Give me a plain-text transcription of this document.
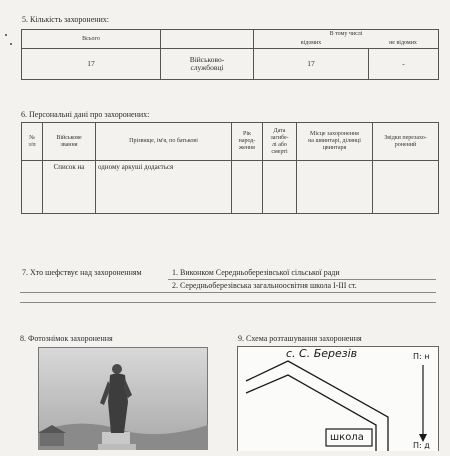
5. Кількість захоронених:
Всього		В тому числі
відомих не відомих	

17	Військово-
службовці	17	-
6. Персональні дані про захоронених:
№
з/п	Військове
звання	Прізвище, ім'я, по батькові	Рік
народ-
ження	Дата
загибе-
лі або
смерті	Місце захоронення
на швинтарі, ділянці
цвинтаря	Звідки перезахо-
ронений

	Список на	одному аркуші додається				

7. Хто шефствує над захороненням	1. Виконком Середньоберезівської сільської ради
2. Середньоберезівська загальноосвітня школа І-ІІІ ст.
8. Фотознімок захоронення	9. Схема розташування захоронення
с. С. Березів	П: н
П: д
школа
